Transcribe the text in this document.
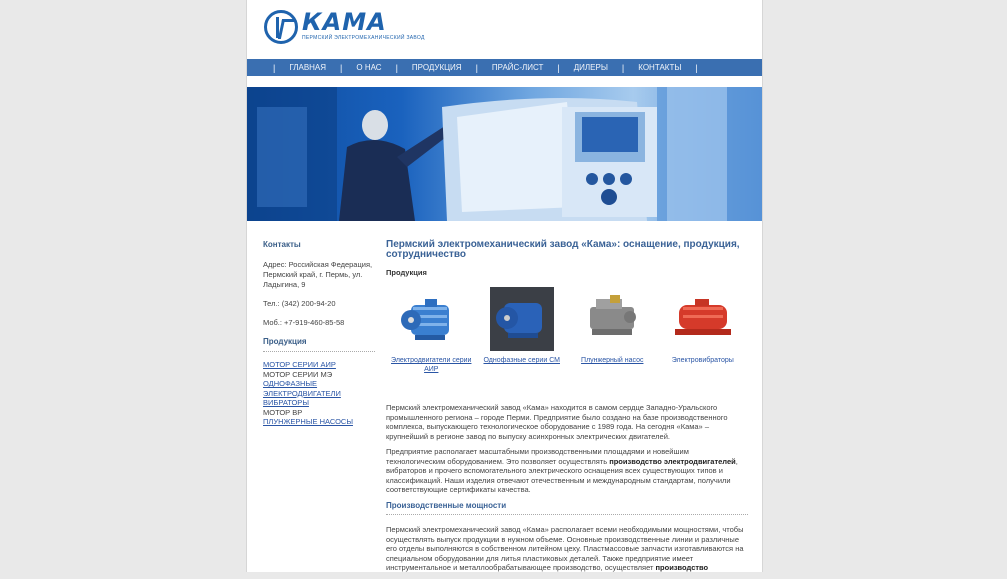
КАМА
ПЕРМСКИЙ ЭЛЕКТРОМЕХАНИЧЕСКИЙ ЗАВОД
| ГЛАВНАЯ | О НАС | ПРОДУКЦИЯ | ПРАЙС-ЛИСТ | ДИЛЕРЫ | КОНТАКТЫ |
Контакты
Адрес: Российская Федерация, Пермский край, г. Пермь, ул. Ладыгина, 9
Тел.: (342) 200-94-20
Моб.: +7-919-460-85-58
Продукция
МОТОР СЕРИИ АИР
МОТОР СЕРИИ МЭ
ОДНОФАЗНЫЕ ЭЛЕКТРОДВИГАТЕЛИ
ВИБРАТОРЫ
МОТОР ВР
ПЛУНЖЕРНЫЕ НАСОСЫ
Пермский электромеханический завод «Кама»: оснащение, продукция, сотрудничество
Продукция
Электродвигатели серии АИР
Однофазные серии СМ	Плунжерный насос	Электровибраторы

Пермский электромеханический завод «Кама» находится в самом сердце Западно-Уральского промышленного региона – городе Перми. Предприятие было создано на базе производственного комплекса, выпускающего технологическое оборудование с 1989 года. На сегодня «Кама» – крупнейший в регионе завод по выпуску асинхронных электрических двигателей.

Предприятие располагает масштабными производственными площадями и новейшим технологическим оборудованием. Это позволяет осуществлять производство электродвигателей, вибраторов и прочего вспомогательного электрического оснащения всех существующих типов и классификаций. Наши изделия отвечают отечественным и международным стандартам, получили соответствующие сертификаты качества.

Производственные мощности

Пермский электромеханический завод «Кама» располагает всеми необходимыми мощностями, чтобы осуществлять выпуск продукции в нужном объеме. Основные производственные линии и различные его отделы выполняются в собственном литейном цеху. Пластмассовые запчасти изготавливаются на специальном оборудовании для литья пластиковых деталей. Также предприятие имеет инструментальное и металлообрабатывающее производство, осуществляет производство
